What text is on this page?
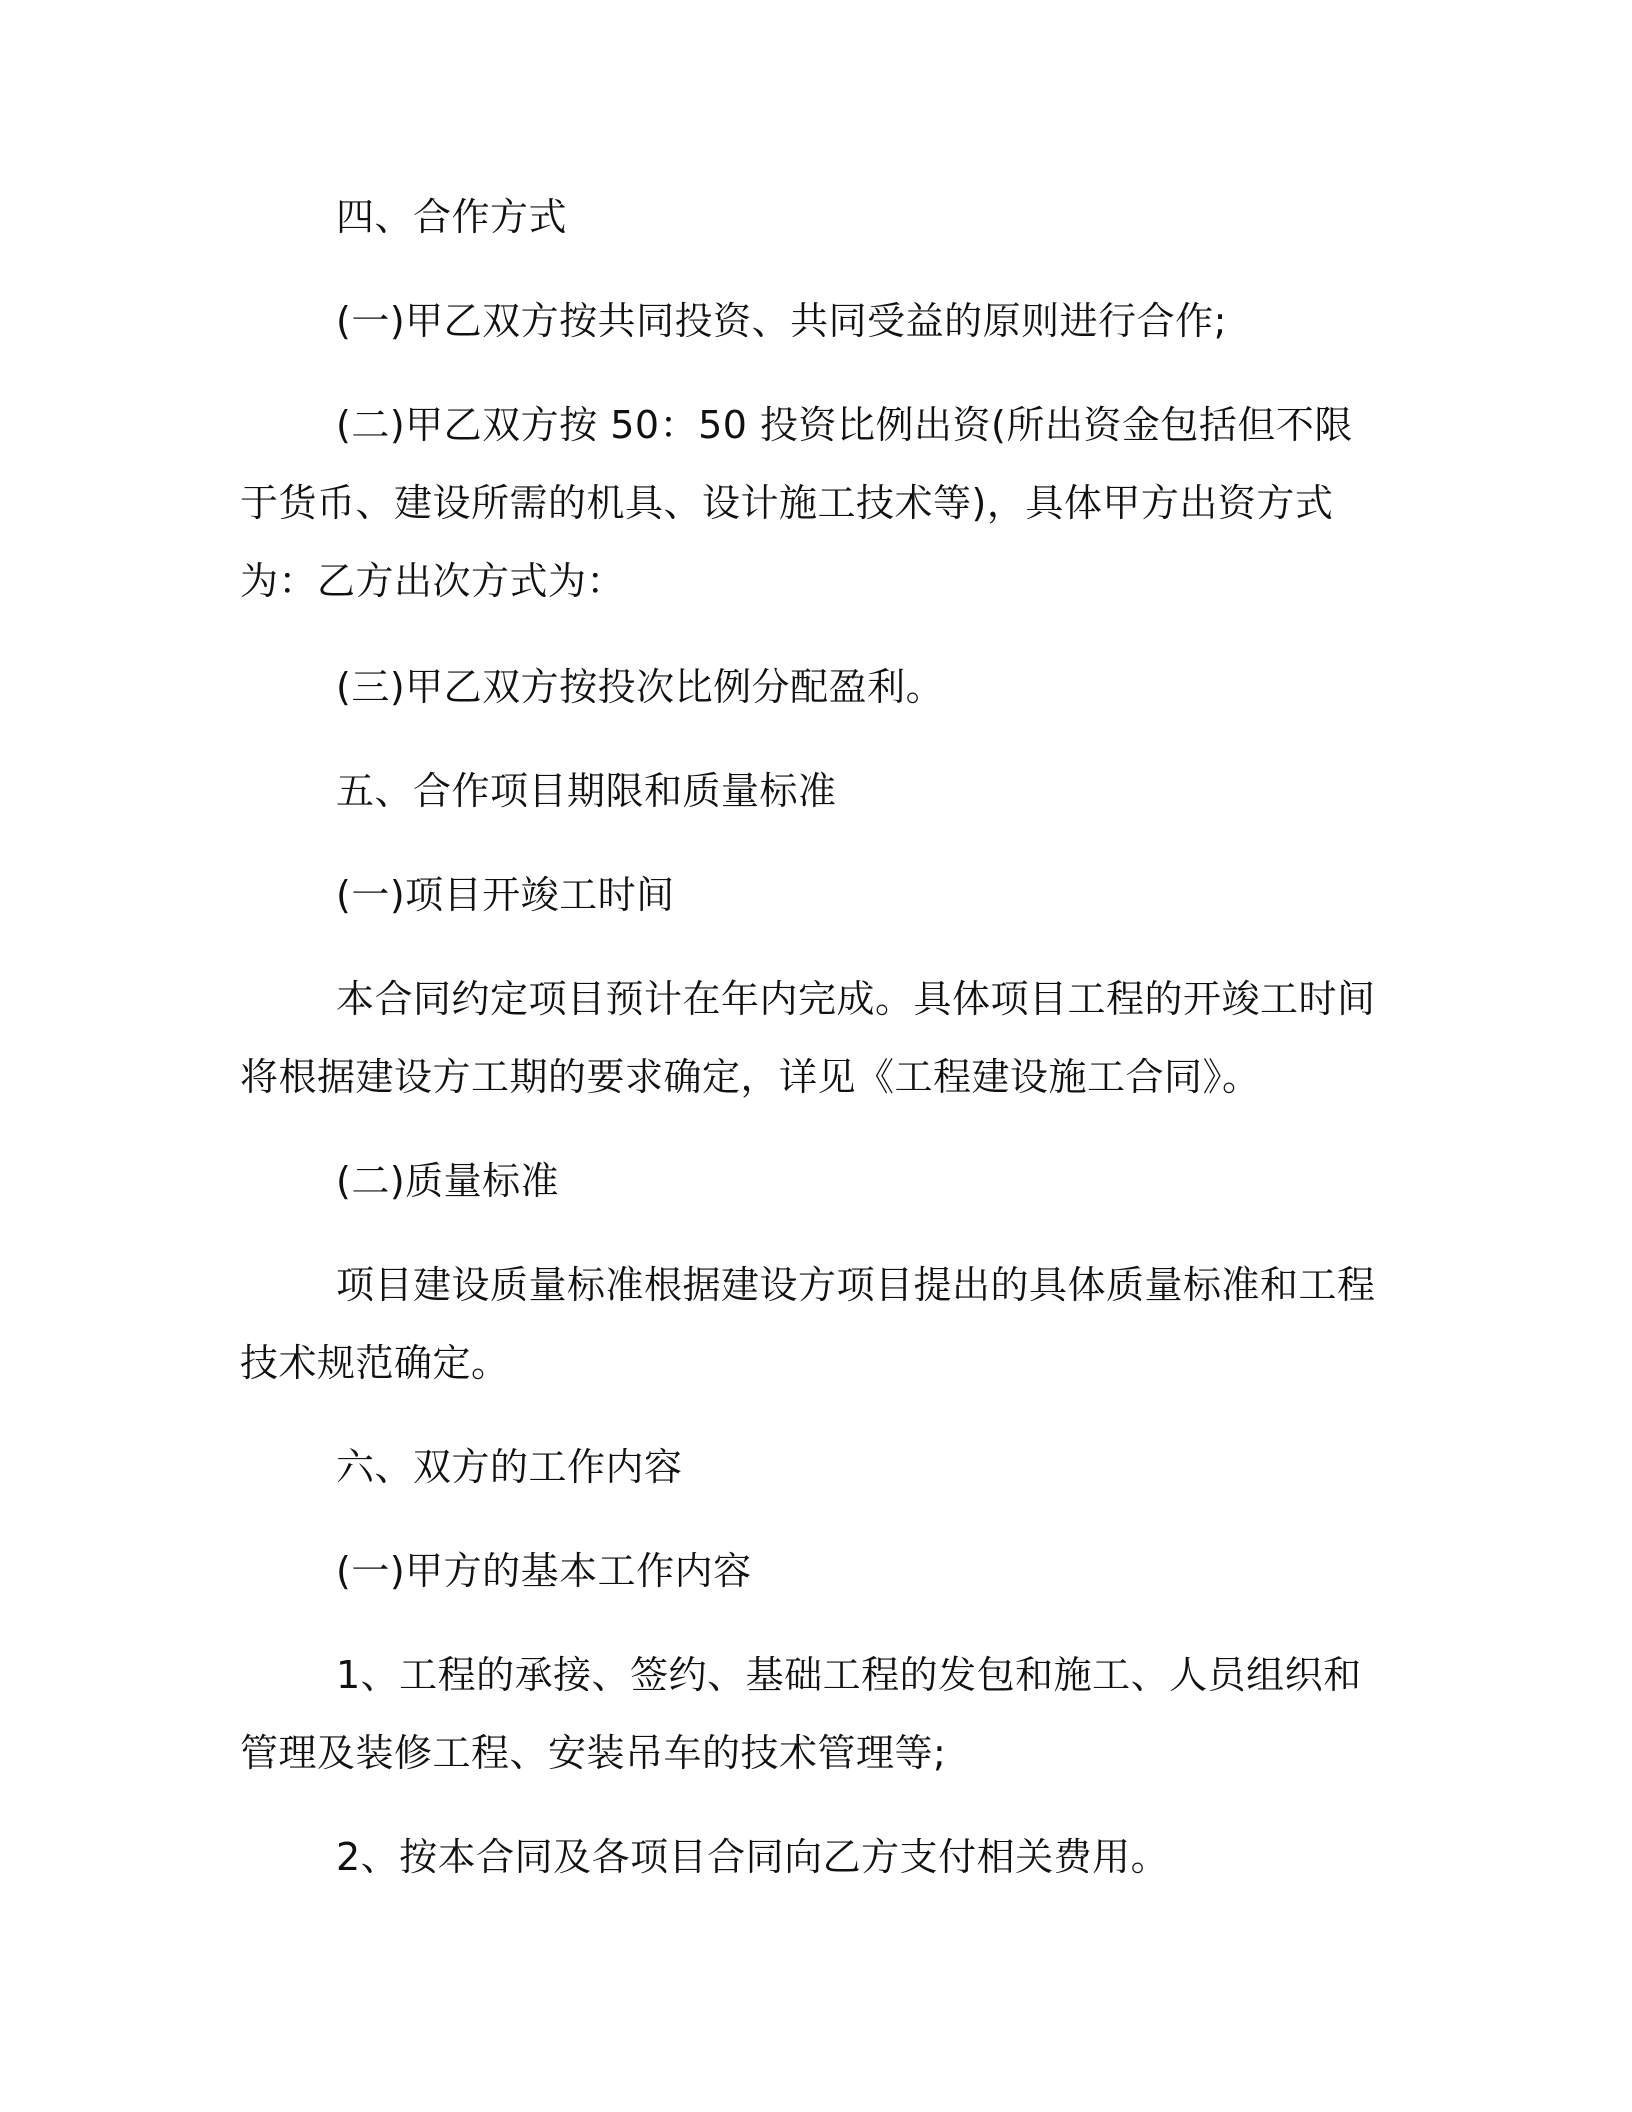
四、合作方式

(一)甲乙双方按共同投资、共同受益的原则进行合作;

(二)甲乙双方按 50：50 投资比例出资(所出资金包括但不限于货币、建设所需的机具、设计施工技术等)，具体甲方出资方式为：乙方出次方式为：

(三)甲乙双方按投次比例分配盈利。

五、合作项目期限和质量标准

(一)项目开竣工时间

本合同约定项目预计在年内完成。具体项目工程的开竣工时间将根据建设方工期的要求确定，详见《工程建设施工合同》。

(二)质量标准

项目建设质量标准根据建设方项目提出的具体质量标准和工程技术规范确定。

六、双方的工作内容

(一)甲方的基本工作内容

1、工程的承接、签约、基础工程的发包和施工、人员组织和管理及装修工程、安装吊车的技术管理等;

2、按本合同及各项目合同向乙方支付相关费用。
